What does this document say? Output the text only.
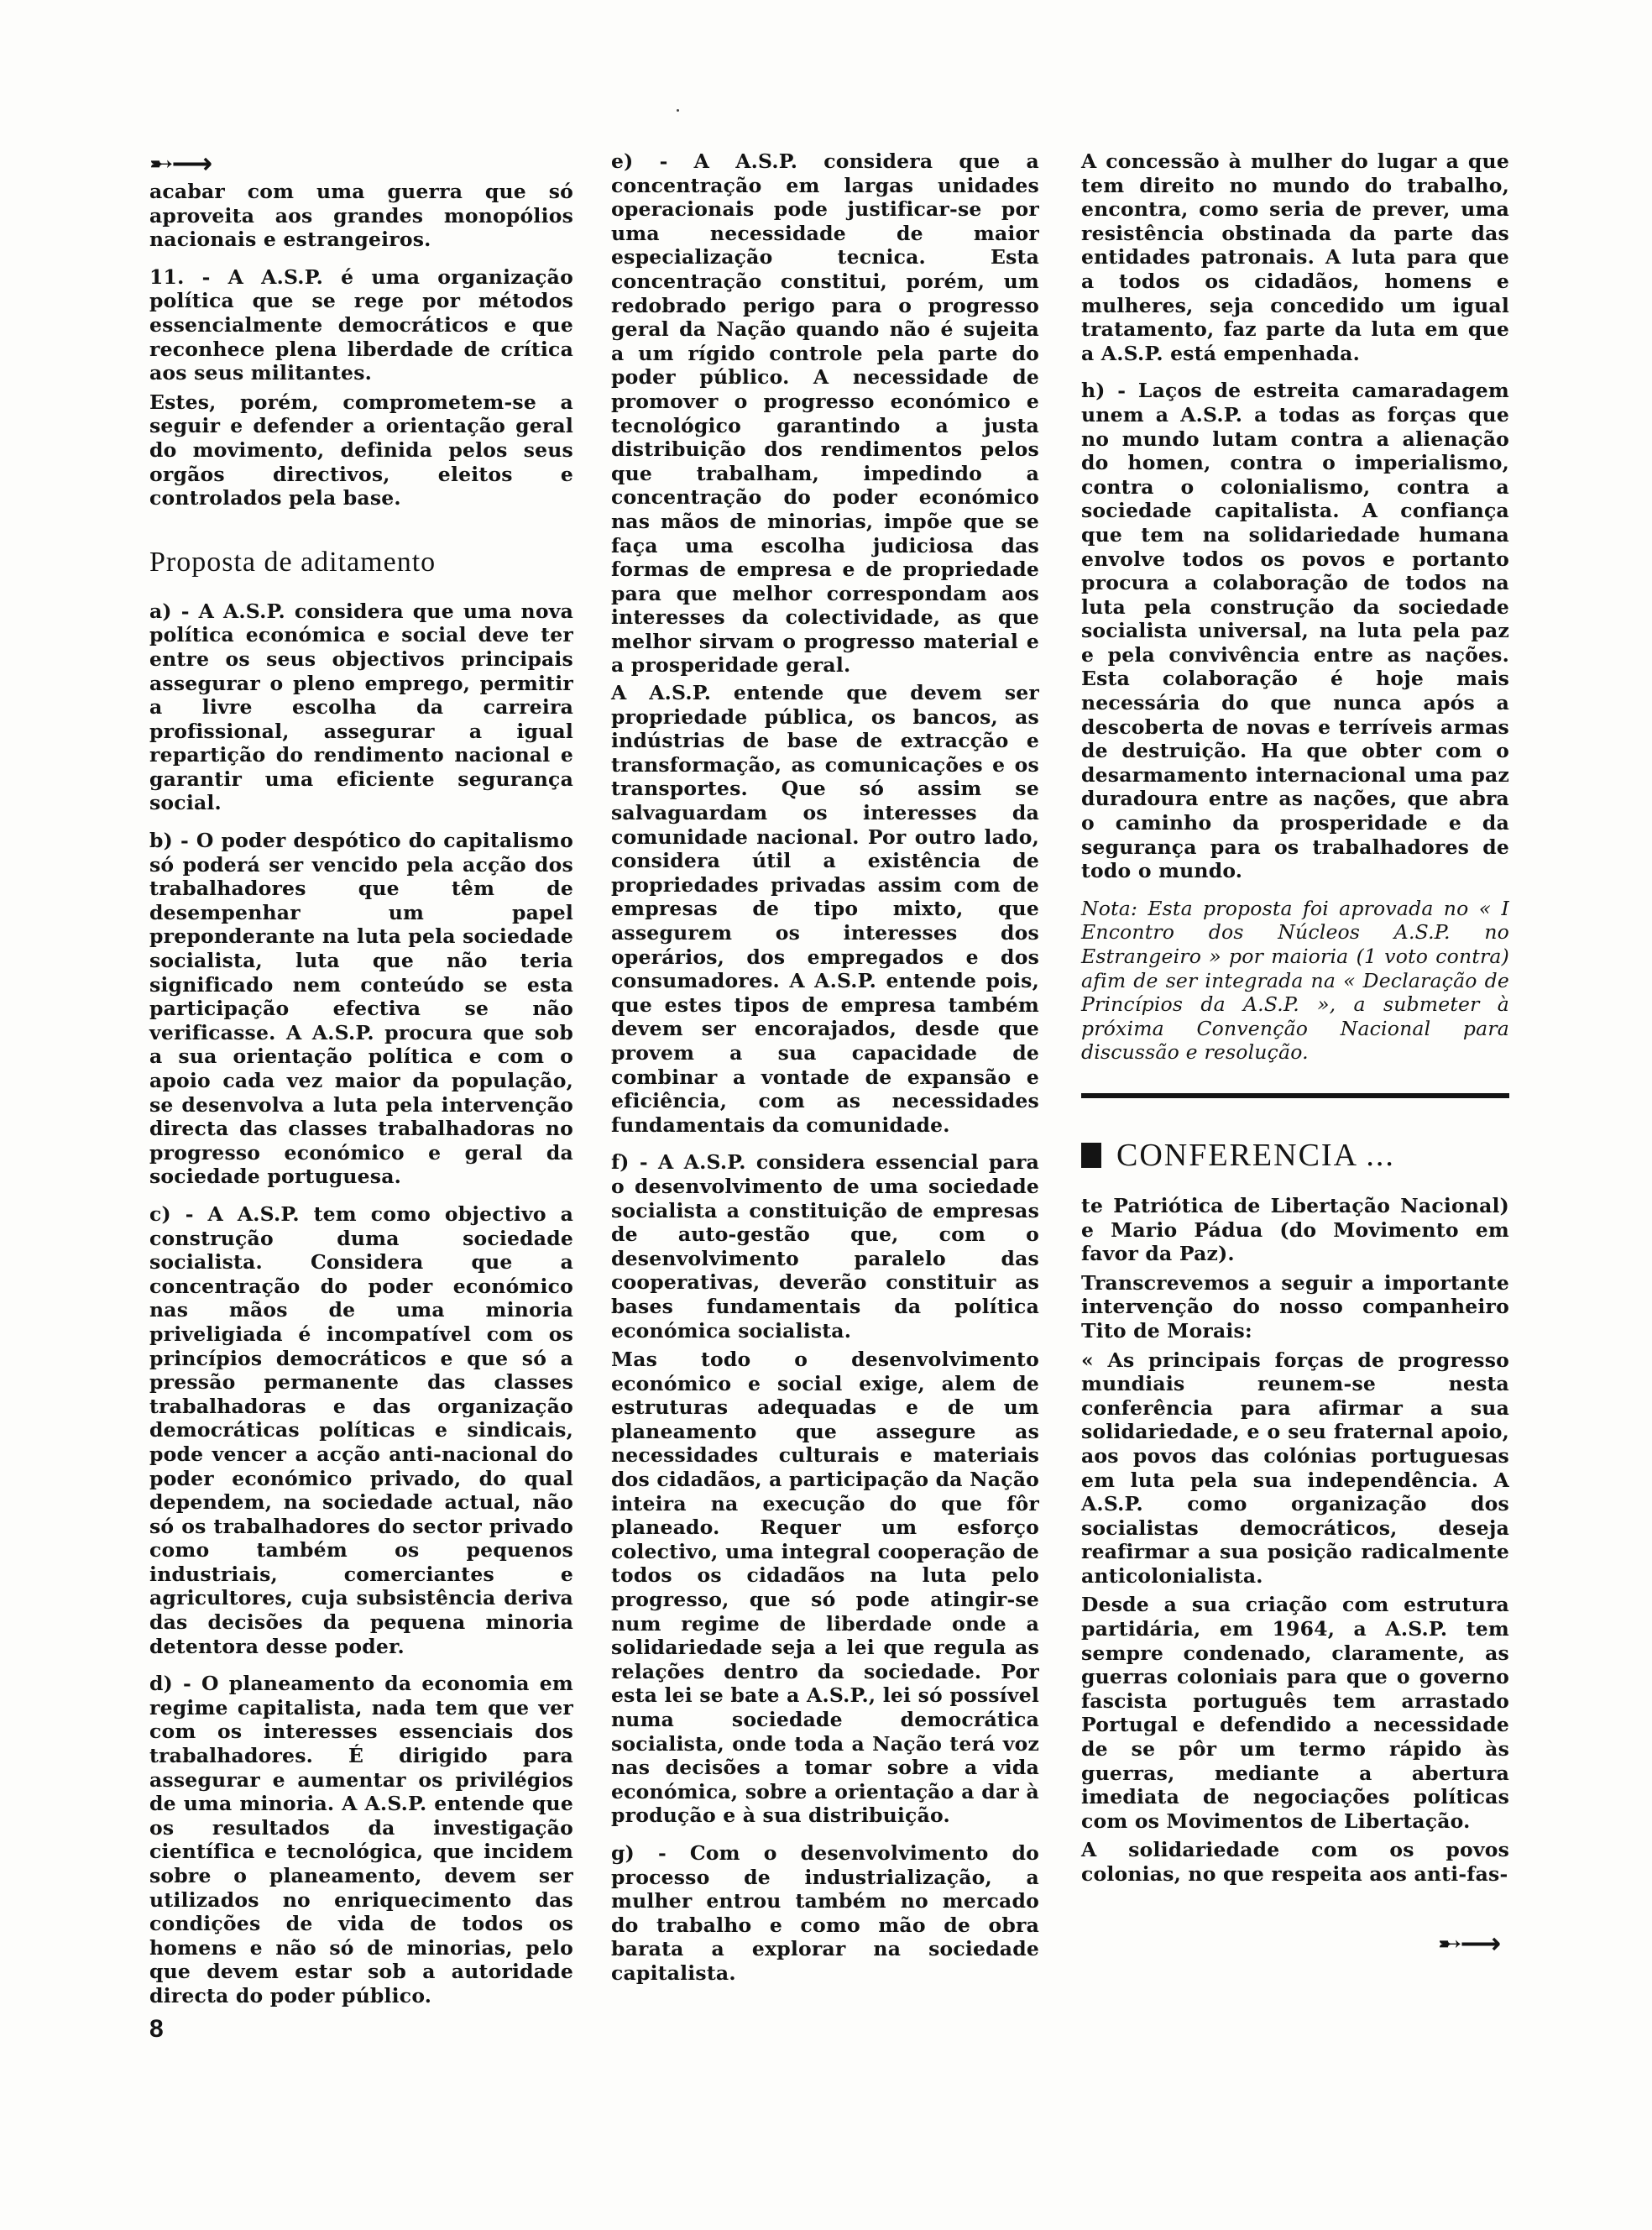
➸⟶

acabar com uma guerra que só aproveita aos grandes monopólios nacionais e estrangeiros.

11. - A A.S.P. é uma organização política que se rege por métodos essencialmente democráticos e que reconhece plena liberdade de crítica aos seus militantes.

Estes, porém, comprometem-se a seguir e defender a orientação geral do movimento, definida pelos seus orgãos directivos, eleitos e controlados pela base.

Proposta de aditamento

a) - A A.S.P. considera que uma nova política económica e social deve ter entre os seus objectivos principais assegurar o pleno emprego, permitir a livre escolha da carreira profissional, assegurar a igual repartição do rendimento nacional e garantir uma eficiente segurança social.

b) - O poder despótico do capitalismo só poderá ser vencido pela acção dos trabalhadores que têm de desempenhar um papel preponderante na luta pela sociedade socialista, luta que não teria significado nem conteúdo se esta participação efectiva se não verificasse. A A.S.P. procura que sob a sua orientação política e com o apoio cada vez maior da população, se desenvolva a luta pela intervenção directa das classes trabalhadoras no progresso económico e geral da sociedade portuguesa.

c) - A A.S.P. tem como objectivo a construção duma sociedade socialista. Considera que a concentração do poder económico nas mãos de uma minoria priveligiada é incompatível com os princípios democráticos e que só a pressão permanente das classes trabalhadoras e das organização democráticas políticas e sindicais, pode vencer a acção anti-nacional do poder económico privado, do qual dependem, na sociedade actual, não só os trabalhadores do sector privado como também os pequenos industriais, comerciantes e agricultores, cuja subsistência deriva das decisões da pequena minoria detentora desse poder.

d) - O planeamento da economia em regime capitalista, nada tem que ver com os interesses essenciais dos trabalhadores. É dirigido para assegurar e aumentar os privilégios de uma minoria. A A.S.P. entende que os resultados da investigação científica e tecnológica, que incidem sobre o planeamento, devem ser utilizados no enriquecimento das condições de vida de todos os homens e não só de minorias, pelo que devem estar sob a autoridade directa do poder público.

e) - A A.S.P. considera que a concentração em largas unidades operacionais pode justificar-se por uma necessidade de maior especialização tecnica. Esta concentração constitui, porém, um redobrado perigo para o progresso geral da Nação quando não é sujeita a um rígido controle pela parte do poder público. A necessidade de promover o progresso económico e tecnológico garantindo a justa distribuição dos rendimentos pelos que trabalham, impedindo a concentração do poder económico nas mãos de minorias, impõe que se faça uma escolha judiciosa das formas de empresa e de propriedade para que melhor correspondam aos interesses da colectividade, as que melhor sirvam o progresso material e a prosperidade geral.

A A.S.P. entende que devem ser propriedade pública, os bancos, as indústrias de base de extracção e transformação, as comunicações e os transportes. Que só assim se salvaguardam os interesses da comunidade nacional. Por outro lado, considera útil a existência de propriedades privadas assim com de empresas de tipo mixto, que assegurem os interesses dos operários, dos empregados e dos consumadores. A A.S.P. entende pois, que estes tipos de empresa também devem ser encorajados, desde que provem a sua capacidade de combinar a vontade de expansão e eficiência, com as necessidades fundamentais da comunidade.

f) - A A.S.P. considera essencial para o desenvolvimento de uma sociedade socialista a constituição de empresas de auto-gestão que, com o desenvolvimento paralelo das cooperativas, deverão constituir as bases fundamentais da política económica socialista.

Mas todo o desenvolvimento económico e social exige, alem de estruturas adequadas e de um planeamento que assegure as necessidades culturais e materiais dos cidadãos, a participação da Nação inteira na execução do que fôr planeado. Requer um esforço colectivo, uma integral cooperação de todos os cidadãos na luta pelo progresso, que só pode atingir-se num regime de liberdade onde a solidariedade seja a lei que regula as relações dentro da sociedade. Por esta lei se bate a A.S.P., lei só possível numa sociedade democrática socialista, onde toda a Nação terá voz nas decisões a tomar sobre a vida económica, sobre a orientação a dar à produção e à sua distribuição.

g) - Com o desenvolvimento do processo de industrialização, a mulher entrou também no mercado do trabalho e como mão de obra barata a explorar na sociedade capitalista.

A concessão à mulher do lugar a que tem direito no mundo do trabalho, encontra, como seria de prever, uma resistência obstinada da parte das entidades patronais. A luta para que a todos os cidadãos, homens e mulheres, seja concedido um igual tratamento, faz parte da luta em que a A.S.P. está empenhada.

h) - Laços de estreita camaradagem unem a A.S.P. a todas as forças que no mundo lutam contra a alienação do homen, contra o imperialismo, contra o colonialismo, contra a sociedade capitalista. A confiança que tem na solidariedade humana envolve todos os povos e portanto procura a colaboração de todos na luta pela construção da sociedade socialista universal, na luta pela paz e pela convivência entre as nações. Esta colaboração é hoje mais necessária do que nunca após a descoberta de novas e terríveis armas de destruição. Ha que obter com o desarmamento internacional uma paz duradoura entre as nações, que abra o caminho da prosperidade e da segurança para os trabalhadores de todo o mundo.

Nota: Esta proposta foi aprovada no « I Encontro dos Núcleos A.S.P. no Estrangeiro » por maioria (1 voto contra) afim de ser integrada na « Declaração de Princípios da A.S.P. », a submeter à próxima Convenção Nacional para discussão e resolução.

CONFERENCIA ...

te Patriótica de Libertação Nacional) e Mario Pádua (do Movimento em favor da Paz).

Transcrevemos a seguir a importante intervenção do nosso companheiro Tito de Morais:

« As principais forças de progresso mundiais reunem-se nesta conferência para afirmar a sua solidariedade, e o seu fraternal apoio, aos povos das colónias portuguesas em luta pela sua independência. A A.S.P. como organização dos socialistas democráticos, deseja reafirmar a sua posição radicalmente anticolonialista.

Desde a sua criação com estrutura partidária, em 1964, a A.S.P. tem sempre condenado, claramente, as guerras coloniais para que o governo fascista português tem arrastado Portugal e defendido a necessidade de se pôr um termo rápido às guerras, mediante a abertura imediata de negociações políticas com os Movimentos de Libertação.

A solidariedade com os povos colonias, no que respeita aos anti-fas-

➸⟶
8
